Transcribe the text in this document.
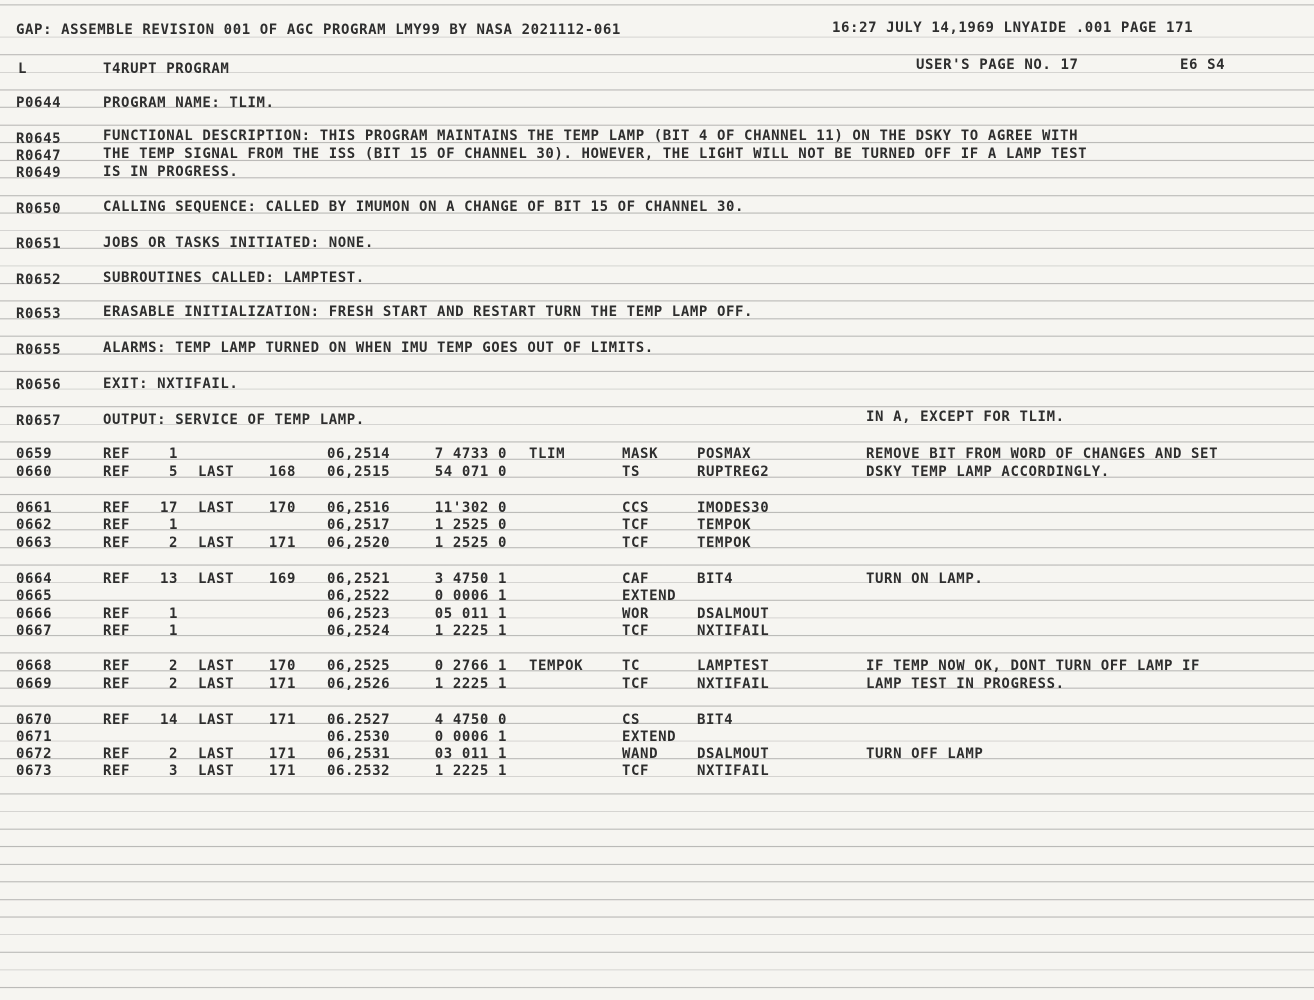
GAP: ASSEMBLE REVISION 001 OF AGC PROGRAM LMY99 BY NASA 2021112-061	16:27 JULY 14,1969 LNYAIDE .001 PAGE 171
L	T4RUPT PROGRAM	USER'S PAGE NO. 17	E6 S4
P0644	PROGRAM NAME: TLIM.
R0645	FUNCTIONAL DESCRIPTION: THIS PROGRAM MAINTAINS THE TEMP LAMP (BIT 4 OF CHANNEL 11) ON THE DSKY TO AGREE WITH
R0647	THE TEMP SIGNAL FROM THE ISS (BIT 15 OF CHANNEL 30). HOWEVER, THE LIGHT WILL NOT BE TURNED OFF IF A LAMP TEST
R0649	IS IN PROGRESS.
R0650	CALLING SEQUENCE: CALLED BY IMUMON ON A CHANGE OF BIT 15 OF CHANNEL 30.
R0651	JOBS OR TASKS INITIATED: NONE.
R0652	SUBROUTINES CALLED: LAMPTEST.
R0653	ERASABLE INITIALIZATION: FRESH START AND RESTART TURN THE TEMP LAMP OFF.
R0655	ALARMS: TEMP LAMP TURNED ON WHEN IMU TEMP GOES OUT OF LIMITS.
R0656	EXIT: NXTIFAIL.
R0657	OUTPUT: SERVICE OF TEMP LAMP.	IN A, EXCEPT FOR TLIM.
0659	REF	1	06,2514	7 4733 0 TLIM	MASK	POSMAX	REMOVE BIT FROM WORD OF CHANGES AND SET
0660	REF	5 LAST	168 06,2515	54 071 0	TS	RUPTREG2	DSKY TEMP LAMP ACCORDINGLY.
0661	REF	17 LAST	170 06,2516	11'302 0	CCS	IMODES30
0662	REF	1	06,2517	1 2525 0	TCF	TEMPOK
0663	REF	2 LAST	171 06,2520	1 2525 0	TCF	TEMPOK
0664	REF	13 LAST	169 06,2521	3 4750 1	CAF	BIT4	TURN ON LAMP.
0665	06,2522	0 0006 1	EXTEND
0666	REF	1	06,2523	05 011 1	WOR	DSALMOUT
0667	REF	1	06,2524	1 2225 1	TCF	NXTIFAIL
0668	REF	2 LAST	170 06,2525	0 2766 1 TEMPOK	TC	LAMPTEST	IF TEMP NOW OK, DONT TURN OFF LAMP IF
0669	REF	2 LAST	171 06,2526	1 2225 1	TCF	NXTIFAIL	LAMP TEST IN PROGRESS.
0670	REF	14 LAST	171 06.2527	4 4750 0	CS	BIT4
0671	06.2530	0 0006 1	EXTEND
0672	REF	2 LAST	171 06,2531	03 011 1	WAND	DSALMOUT	TURN OFF LAMP
0673	REF	3 LAST	171 06.2532	1 2225 1	TCF	NXTIFAIL
